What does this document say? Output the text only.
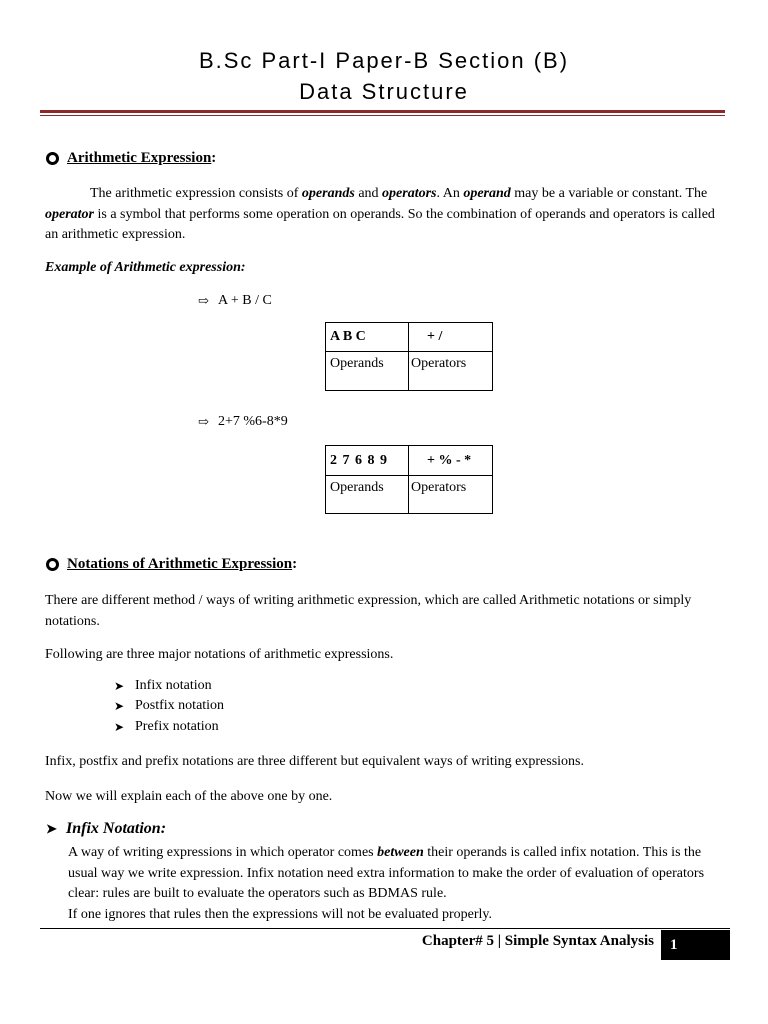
B.Sc Part-I Paper-B Section (B)
Data Structure
Arithmetic Expression :
The arithmetic expression consists of operands and operators. An operand may be a variable or constant. The operator is a symbol that performs some operation on operands. So the combination of operands and operators is called an arithmetic expression.
Example of Arithmetic expression:
⇨ A + B / C
A B C	+ /
Operands	Operators
⇨ 2+7 %6-8*9
2 7 6 8 9	+ % - *
Operands	Operators
Notations of Arithmetic Expression :
There are different method / ways of writing arithmetic expression, which are called Arithmetic notations or simply notations.
Following are three major notations of arithmetic expressions.
➤ Infix notation
➤ Postfix notation
➤ Prefix notation
Infix, postfix and prefix notations are three different but equivalent ways of writing expressions.
Now we will explain each of the above one by one.
➤ Infix Notation:
A way of writing expressions in which operator comes between their operands is called infix notation. This is the usual way we write expression. Infix notation need extra information to make the order of evaluation of operators clear: rules are built to evaluate the operators such as BDMAS rule.
If one ignores that rules then the expressions will not be evaluated properly.
Chapter# 5 | Simple Syntax Analysis	1
